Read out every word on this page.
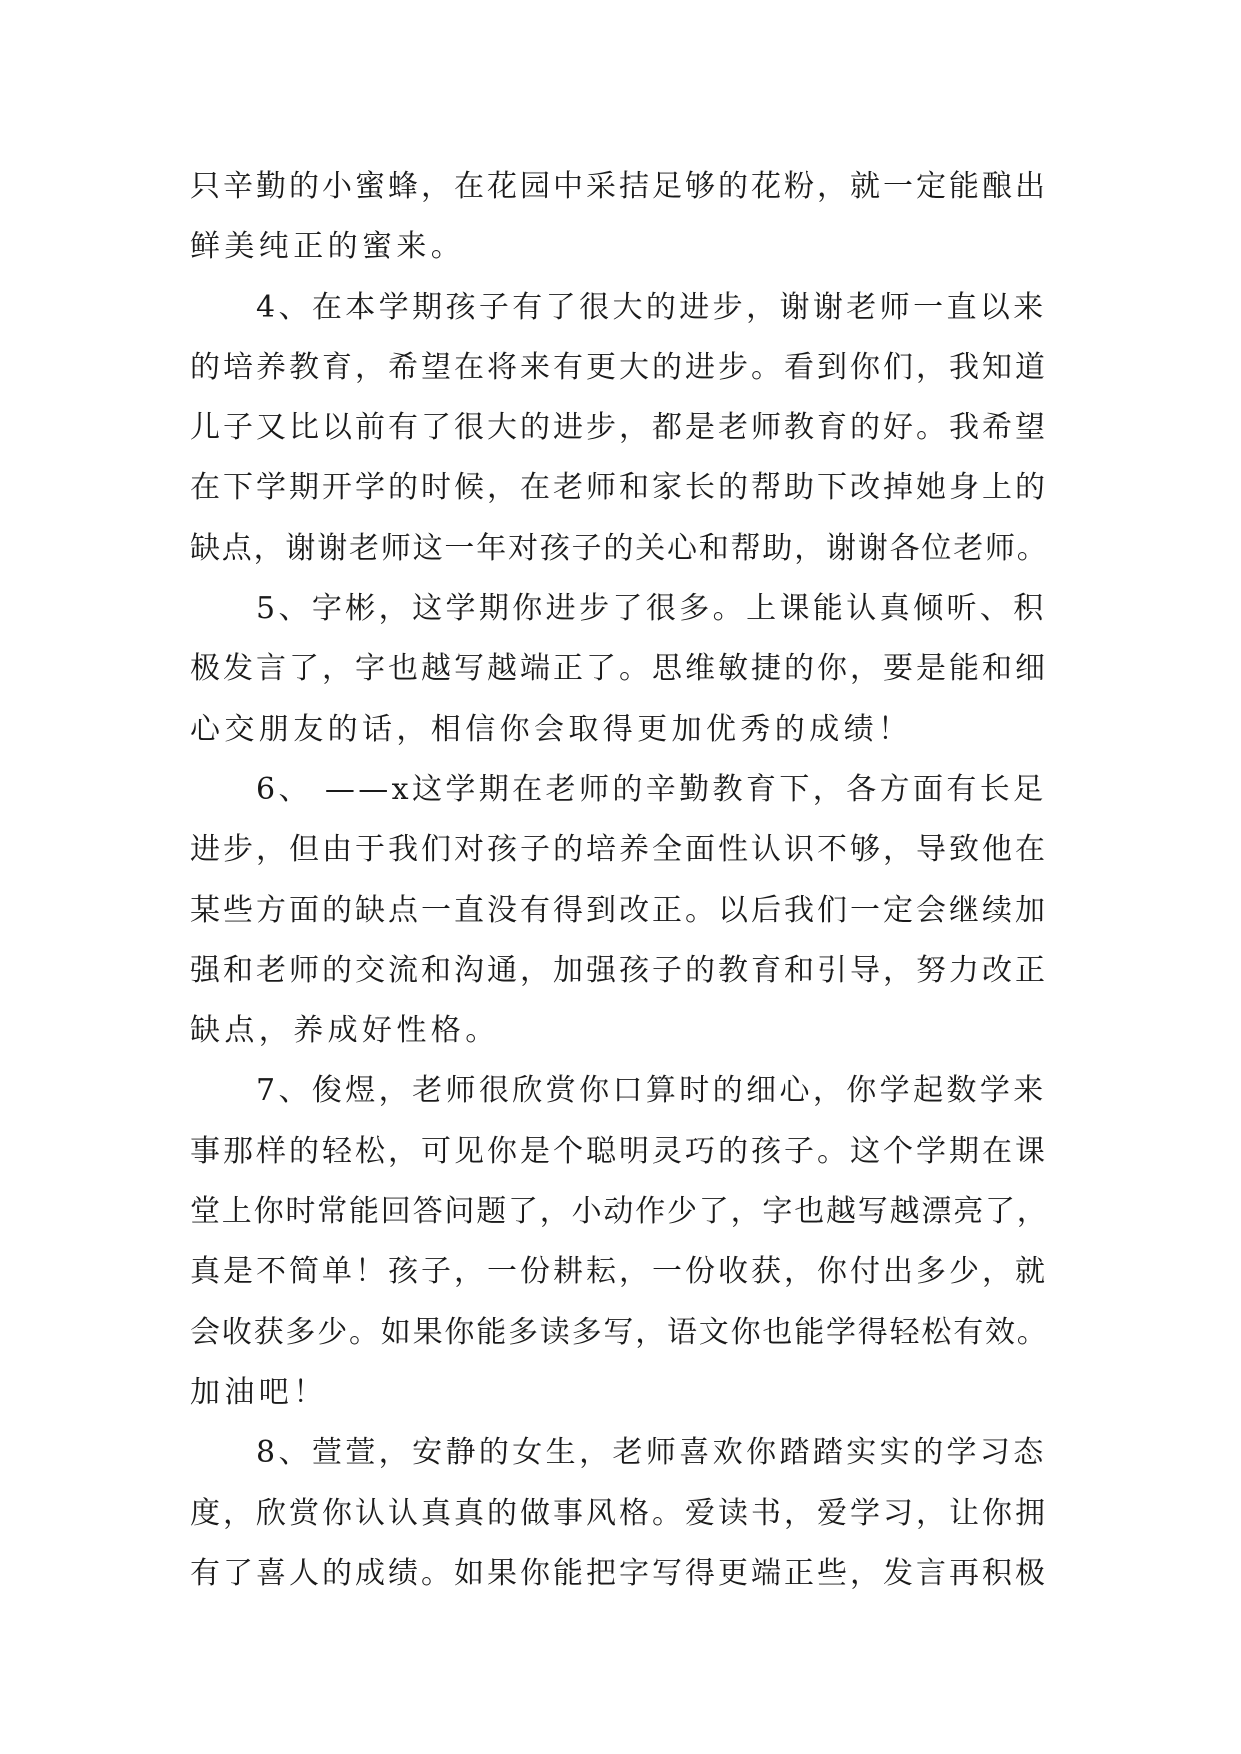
只辛勤的小蜜蜂，在花园中采拮足够的花粉，就一定能酿出
鲜美纯正的蜜来。
4、在本学期孩子有了很大的进步，谢谢老师一直以来
的培养教育，希望在将来有更大的进步。看到你们，我知道
儿子又比以前有了很大的进步，都是老师教育的好。我希望
在下学期开学的时候，在老师和家长的帮助下改掉她身上的
缺点，谢谢老师这一年对孩子的关心和帮助，谢谢各位老师。
5、字彬，这学期你进步了很多。上课能认真倾听、积
极发言了，字也越写越端正了。思维敏捷的你，要是能和细
心交朋友的话，相信你会取得更加优秀的成绩！
6、 ——x这学期在老师的辛勤教育下，各方面有长足
进步，但由于我们对孩子的培养全面性认识不够，导致他在
某些方面的缺点一直没有得到改正。以后我们一定会继续加
强和老师的交流和沟通，加强孩子的教育和引导，努力改正
缺点，养成好性格。
7、俊煜，老师很欣赏你口算时的细心，你学起数学来
事那样的轻松，可见你是个聪明灵巧的孩子。这个学期在课
堂上你时常能回答问题了，小动作少了，字也越写越漂亮了，
真是不简单！孩子，一份耕耘，一份收获，你付出多少，就
会收获多少。如果你能多读多写，语文你也能学得轻松有效。
加油吧！
8、萱萱，安静的女生，老师喜欢你踏踏实实的学习态
度，欣赏你认认真真的做事风格。爱读书，爱学习，让你拥
有了喜人的成绩。如果你能把字写得更端正些，发言再积极
